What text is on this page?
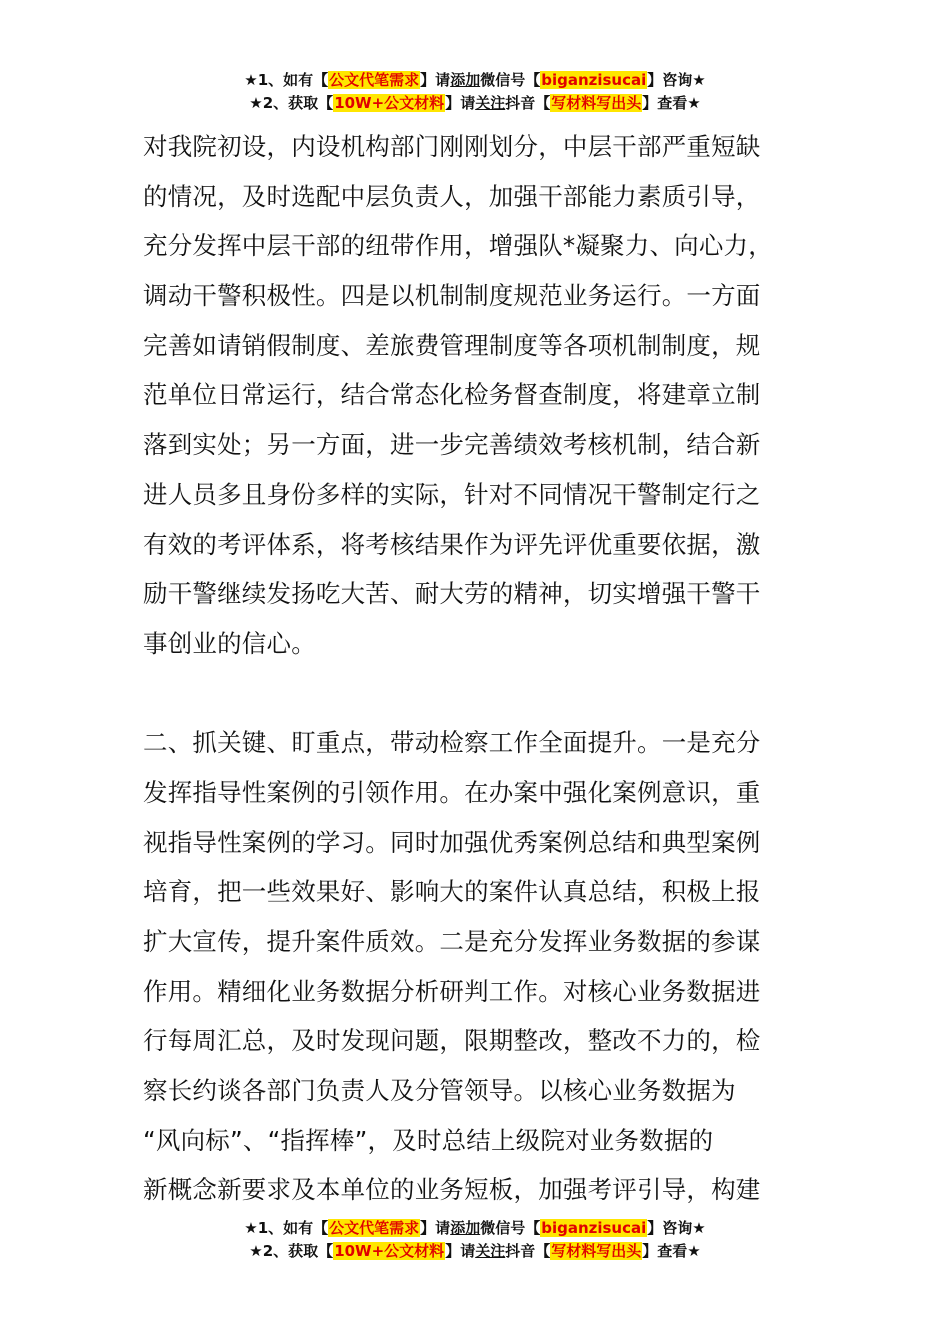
★1、如有【公文代笔需求】请添加微信号【biganzisucai】咨询★
★2、获取【10W+公文材料】请关注抖音【写材料写出头】查看★
对我院初设，内设机构部门刚刚划分，中层干部严重短缺
的情况，及时选配中层负责人，加强干部能力素质引导，
充分发挥中层干部的纽带作用，增强队*凝聚力、向心力，
调动干警积极性。四是以机制制度规范业务运行。一方面
完善如请销假制度、差旅费管理制度等各项机制制度，规
范单位日常运行，结合常态化检务督查制度，将建章立制
落到实处；另一方面，进一步完善绩效考核机制，结合新
进人员多且身份多样的实际，针对不同情况干警制定行之
有效的考评体系，将考核结果作为评先评优重要依据，激
励干警继续发扬吃大苦、耐大劳的精神，切实增强干警干
事创业的信心。
二、抓关键、盯重点，带动检察工作全面提升。一是充分
发挥指导性案例的引领作用。在办案中强化案例意识，重
视指导性案例的学习。同时加强优秀案例总结和典型案例
培育，把一些效果好、影响大的案件认真总结，积极上报
扩大宣传，提升案件质效。二是充分发挥业务数据的参谋
作用。精细化业务数据分析研判工作。对核心业务数据进
行每周汇总，及时发现问题，限期整改，整改不力的，检
察长约谈各部门负责人及分管领导。以核心业务数据为
“风向标”、“指挥棒”，及时总结上级院对业务数据的
新概念新要求及本单位的业务短板，加强考评引导，构建
★1、如有【公文代笔需求】请添加微信号【biganzisucai】咨询★
★2、获取【10W+公文材料】请关注抖音【写材料写出头】查看★
